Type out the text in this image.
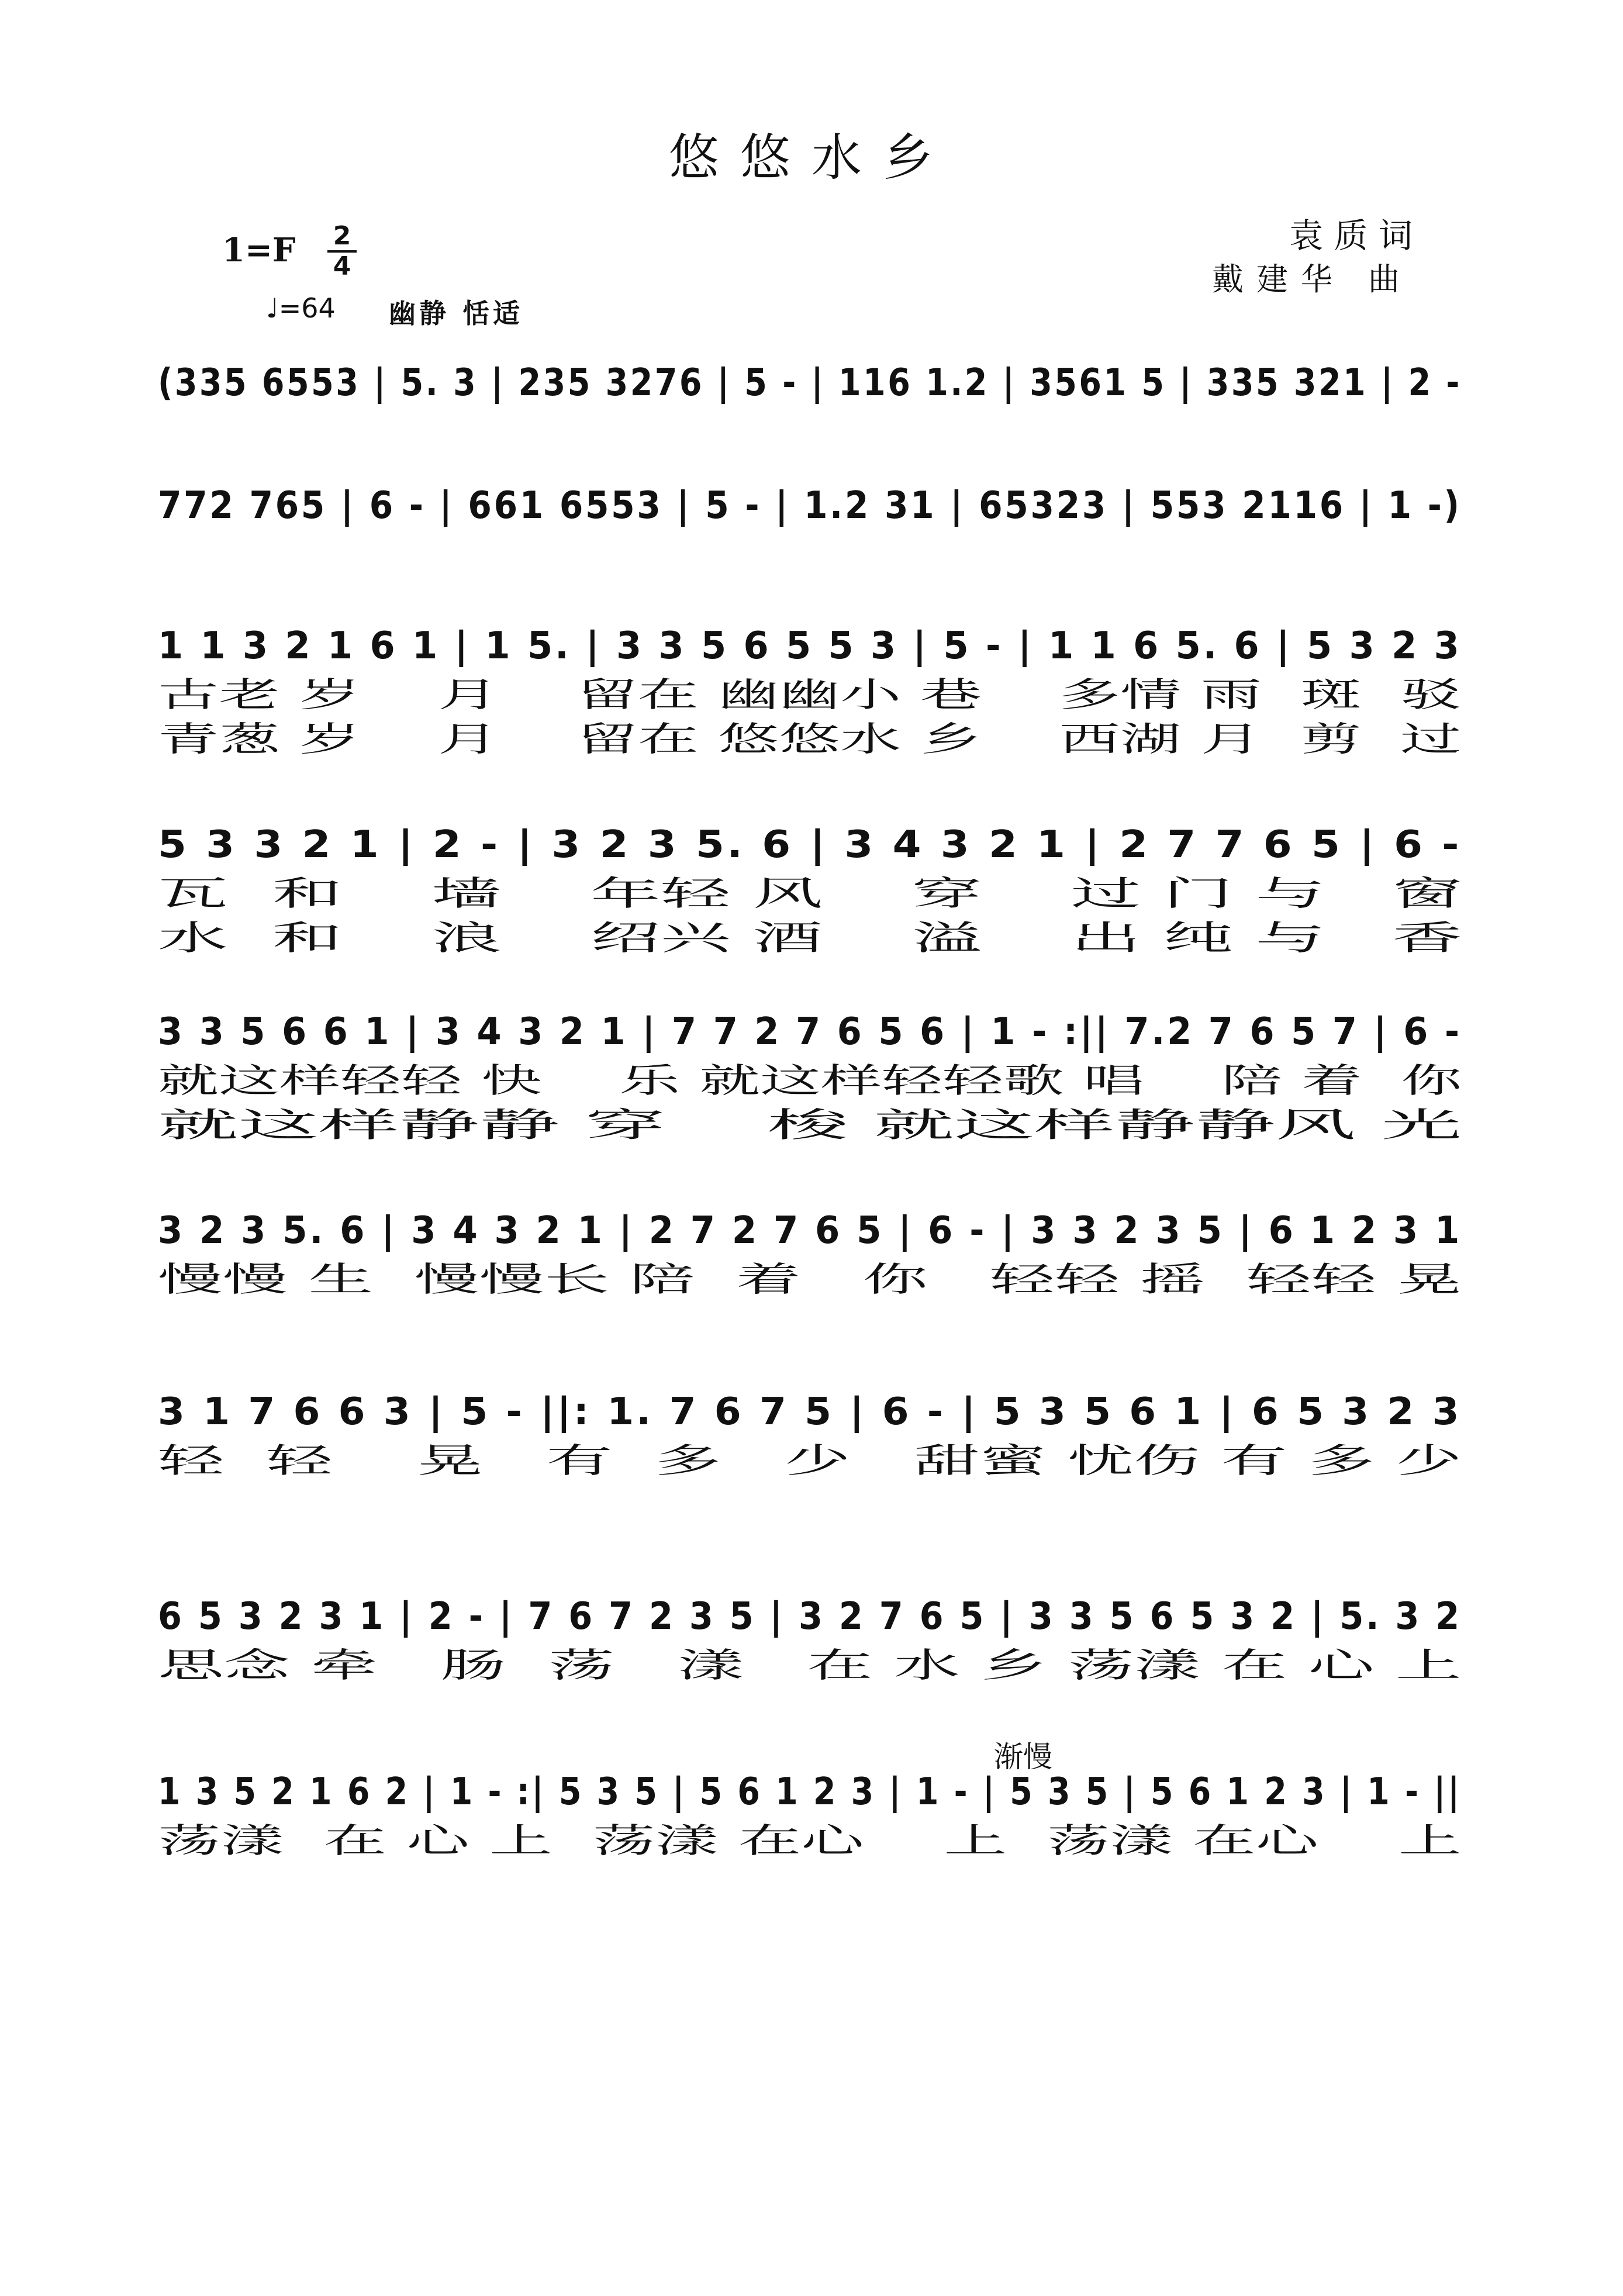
悠悠水乡
1=F 2
4
♩=64 幽静 恬适
袁 质 词
戴建华 曲
渐慢
(335 6553 | 5. 3 | 235 3276 | 5 - | 116 1.2 | 3561 5 | 335 321 | 2 -
772 765 | 6 - | 661 6553 | 5 - | 1.2 31 | 65323 | 553 2116 | 1 -)
1 1 3 2 1 6 1 | 1 5. | 3 3 5 6 5 5 3 | 5 - | 1 1 6 5. 6 | 5 3 2 3
古老 岁    月    留在 幽幽小 巷    多情 雨  斑  驳
青葱 岁    月    留在 悠悠水 乡    西湖 月  剪  过
5 3 3 2 1 | 2 - | 3 2 3 5. 6 | 3 4 3 2 1 | 2 7 7 6 5 | 6 -
瓦  和    墙    年轻 风    穿    过 门 与   窗
水  和    浪    绍兴 酒    溢    出 纯 与   香
3 3 5 6 6 1 | 3 4 3 2 1 | 7 7 2 7 6 5 6 | 1 - :|| 7.2 7 6 5 7 | 6 -
就这样轻轻 快    乐 就这样轻轻歌 唱    陪 着  你
就这样静静 穿    梭 就这样静静风 光
3 2 3 5. 6 | 3 4 3 2 1 | 2 7 2 7 6 5 | 6 - | 3 3 2 3 5 | 6 1 2 3 1
慢慢 生  慢慢长 陪  着   你   轻轻 摇  轻轻 晃
3 1 7 6 6 3 | 5 - ||: 1. 7 6 7 5 | 6 - | 5 3 5 6 1 | 6 5 3 2 3
轻  轻    晃   有  多   少   甜蜜 忧伤 有 多 少
6 5 3 2 3 1 | 2 - | 7 6 7 2 3 5 | 3 2 7 6 5 | 3 3 5 6 5 3 2 | 5. 3 2
思念 牵   肠  荡   漾   在 水 乡 荡漾 在 心 上
1 3 5 2 1 6 2 | 1 - :| 5 3 5 | 5 6 1 2 3 | 1 - | 5 3 5 | 5 6 1 2 3 | 1 - ||
荡漾  在 心 上  荡漾 在心    上  荡漾 在心    上
